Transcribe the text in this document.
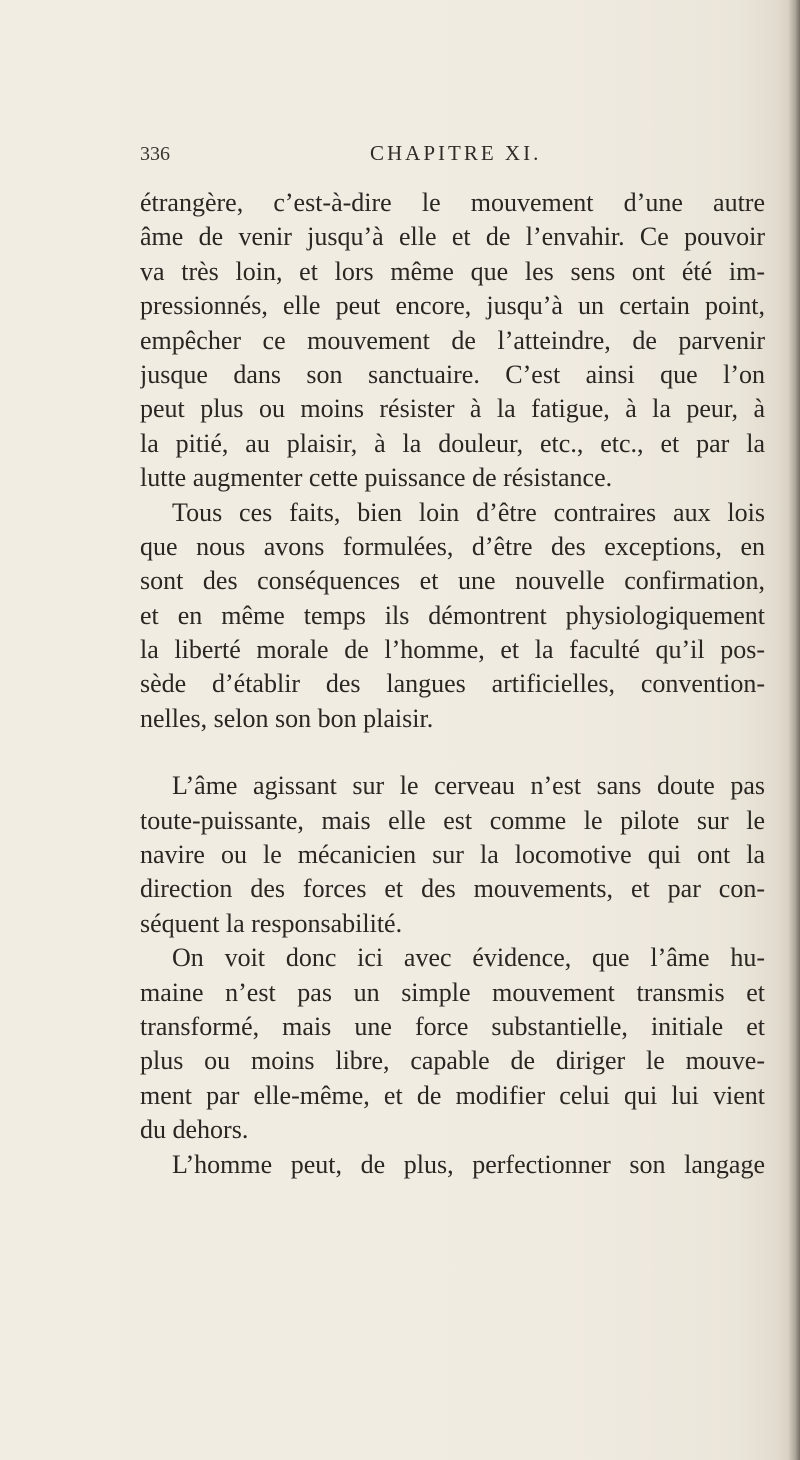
336	CHAPITRE XI.
étrangère, c’est-à-dire le mouvement d’une autre
âme de venir jusqu’à elle et de l’envahir. Ce pouvoir
va très loin, et lors même que les sens ont été im-
pressionnés, elle peut encore, jusqu’à un certain point,
empêcher ce mouvement de l’atteindre, de parvenir
jusque dans son sanctuaire. C’est ainsi que l’on
peut plus ou moins résister à la fatigue, à la peur, à
la pitié, au plaisir, à la douleur, etc., etc., et par la
lutte augmenter cette puissance de résistance.
Tous ces faits, bien loin d’être contraires aux lois
que nous avons formulées, d’être des exceptions, en
sont des conséquences et une nouvelle confirmation,
et en même temps ils démontrent physiologiquement
la liberté morale de l’homme, et la faculté qu’il pos-
sède d’établir des langues artificielles, convention-
nelles, selon son bon plaisir.
L’âme agissant sur le cerveau n’est sans doute pas
toute-puissante, mais elle est comme le pilote sur le
navire ou le mécanicien sur la locomotive qui ont la
direction des forces et des mouvements, et par con-
séquent la responsabilité.
On voit donc ici avec évidence, que l’âme hu-
maine n’est pas un simple mouvement transmis et
transformé, mais une force substantielle, initiale et
plus ou moins libre, capable de diriger le mouve-
ment par elle-même, et de modifier celui qui lui vient
du dehors.
L’homme peut, de plus, perfectionner son langage
